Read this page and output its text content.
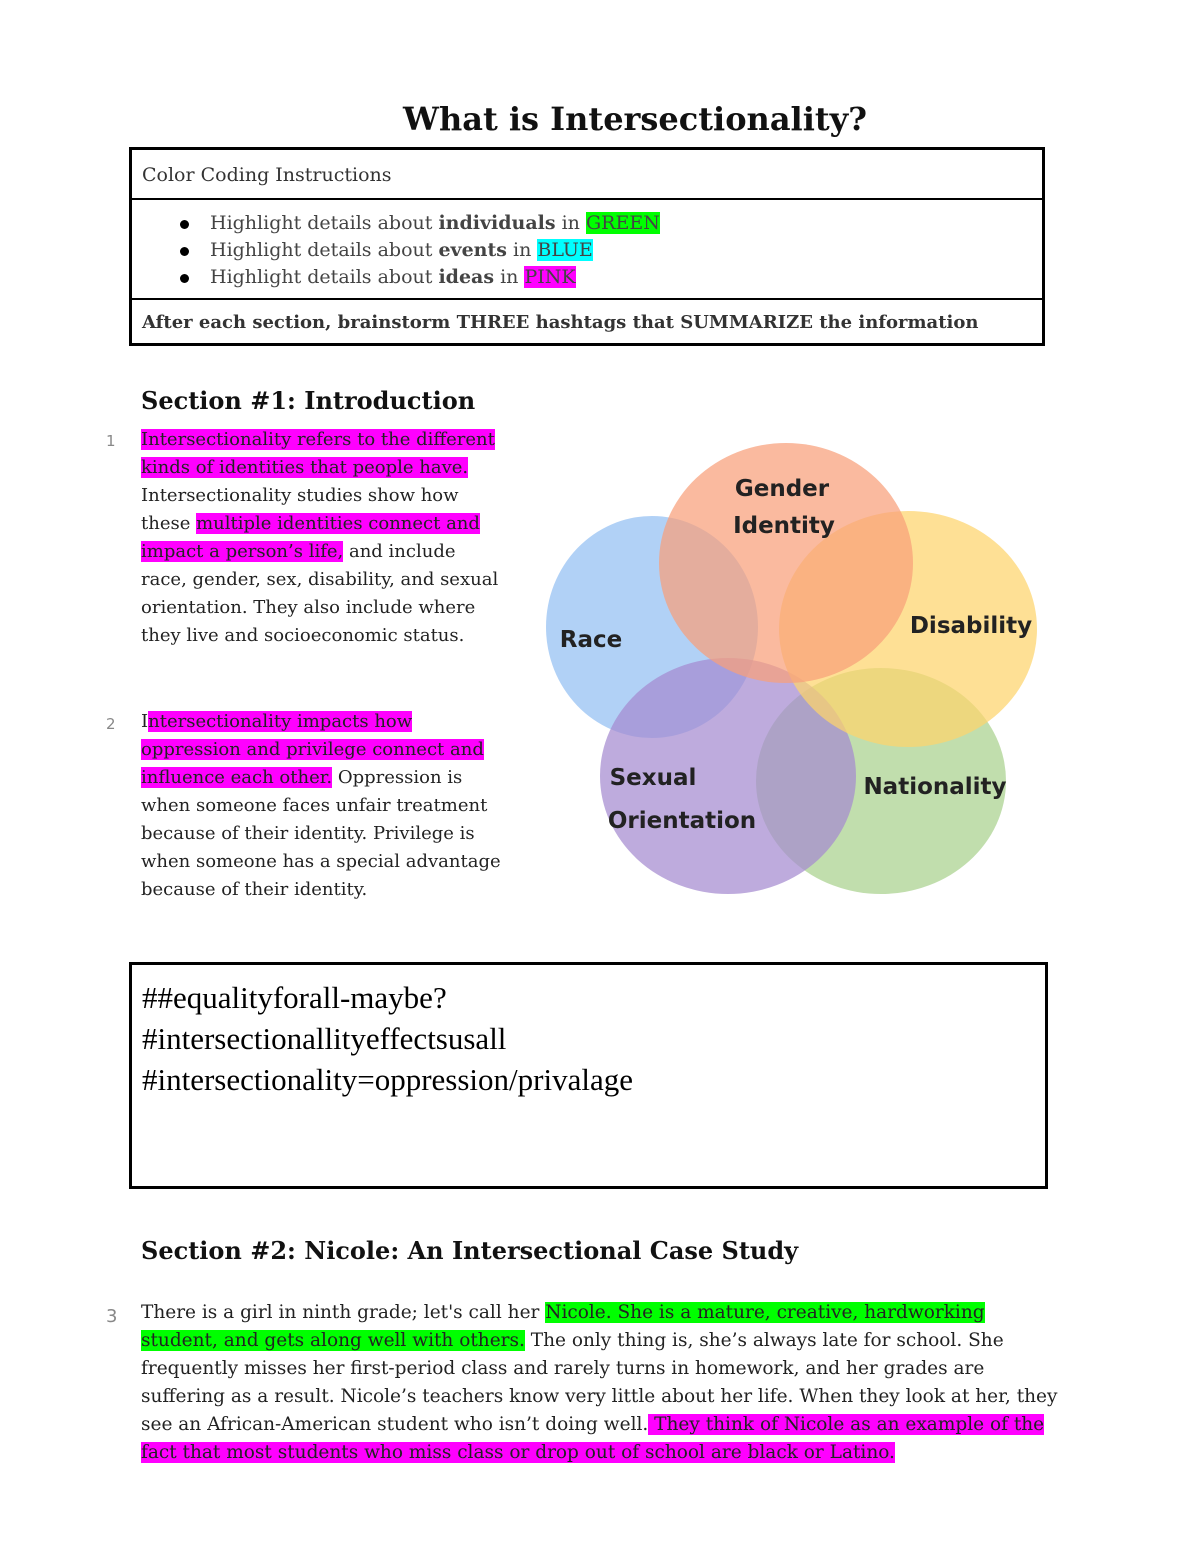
What is Intersectionality?
Color Coding Instructions
Highlight details about individuals in GREEN
Highlight details about events in BLUE
Highlight details about ideas in PINK
After each section, brainstorm THREE hashtags that SUMMARIZE the information
Section #1: Introduction
1 Intersectionality refers to the different kinds of identities that people have. Intersectionality studies show how these multiple identities connect and impact a person’s life, and include race, gender, sex, disability, and sexual orientation. They also include where they live and socioeconomic status.
2 Intersectionality impacts how oppression and privilege connect and influence each other. Oppression is when someone faces unfair treatment because of their identity. Privilege is when someone has a special advantage because of their identity.
Gender
Identity
Race
Disability
Sexual
Orientation
Nationality
##equalityforall-maybe?
#intersectionallityeffectsusall
#intersectionality=oppression/privalage
Section #2: Nicole: An Intersectional Case Study
3 There is a girl in ninth grade; let's call her Nicole. She is a mature, creative, hardworking student, and gets along well with others. The only thing is, she’s always late for school. She frequently misses her first-period class and rarely turns in homework, and her grades are suffering as a result. Nicole’s teachers know very little about her life. When they look at her, they see an African-American student who isn’t doing well. They think of Nicole as an example of the fact that most students who miss class or drop out of school are black or Latino.
